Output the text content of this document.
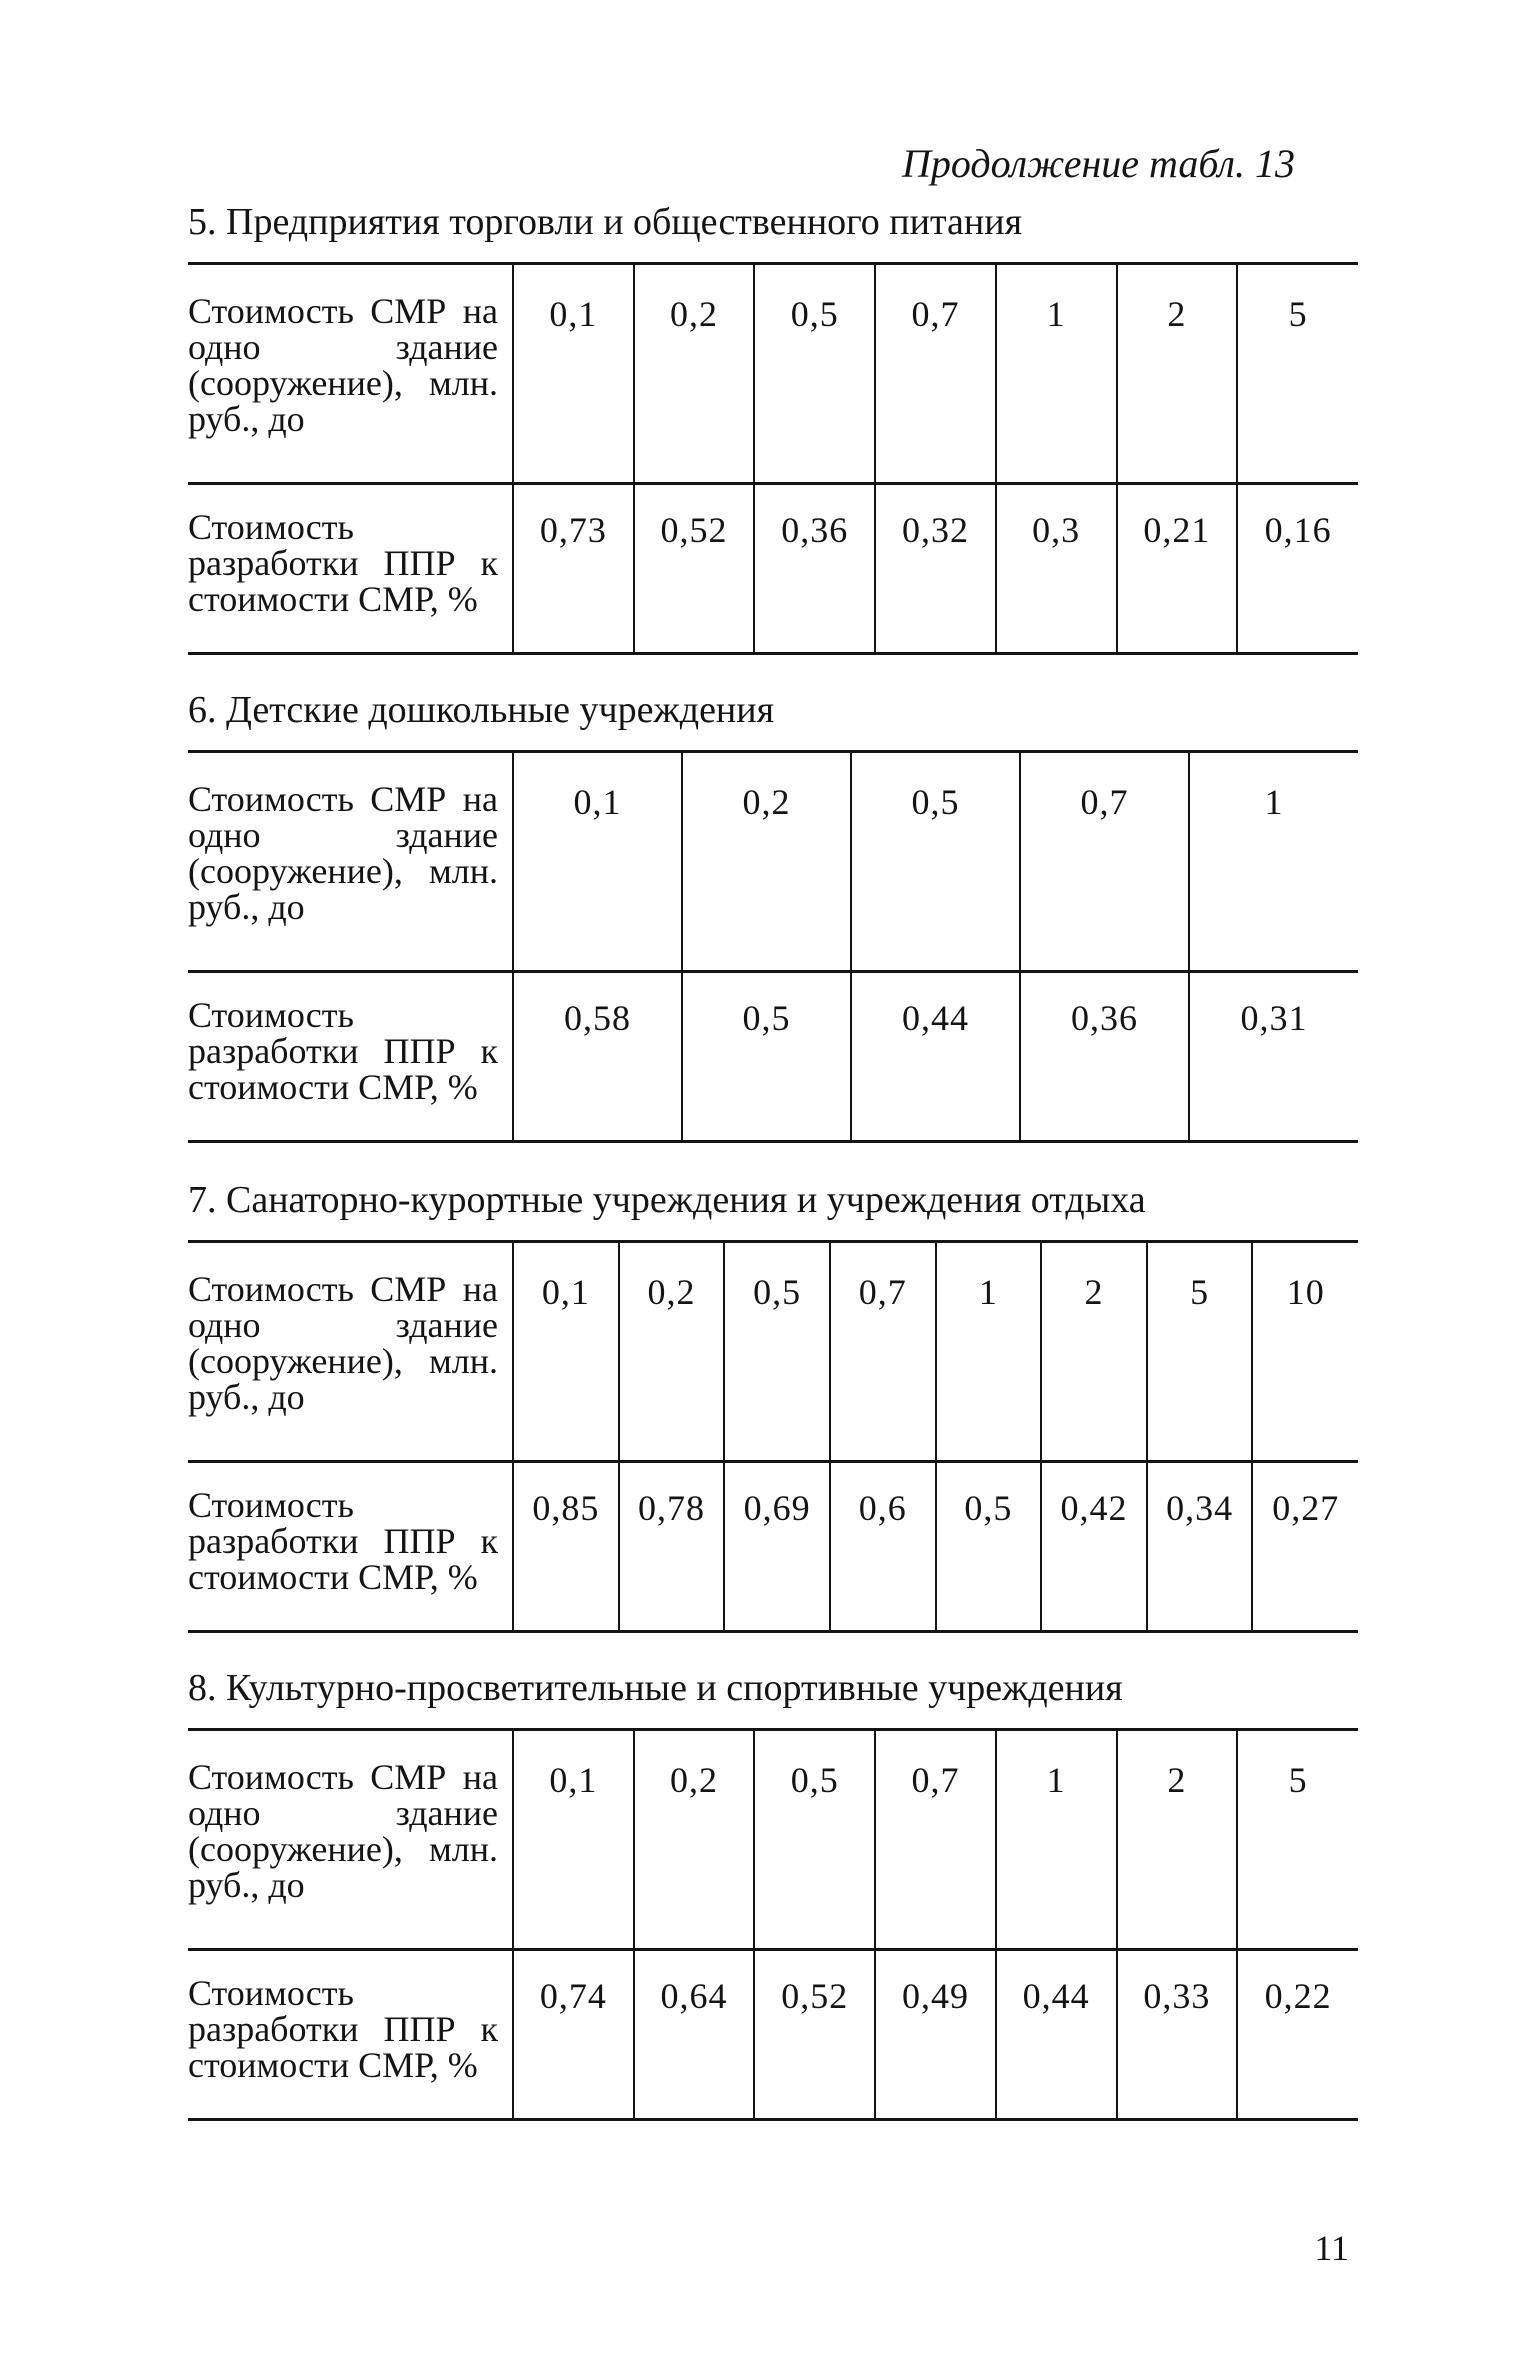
Продолжение табл. 13
5. Предприятия торговли и общественного питания
Стоимость СМР на одно здание (сооружение), млн. руб., до	0,1	0,2	0,5	0,7	1	2	5
Стоимость разработки ППР к стоимости СМР, %	0,73	0,52	0,36	0,32	0,3	0,21	0,16
6. Детские дошкольные учреждения
Стоимость СМР на одно здание (сооружение), млн. руб., до	0,1	0,2	0,5	0,7	1
Стоимость разработки ППР к стоимости СМР, %	0,58	0,5	0,44	0,36	0,31
7. Санаторно-курортные учреждения и учреждения отдыха
Стоимость СМР на одно здание (сооружение), млн. руб., до	0,1	0,2	0,5	0,7	1	2	5	10
Стоимость разработки ППР к стоимости СМР, %	0,85	0,78	0,69	0,6	0,5	0,42	0,34	0,27
8. Культурно-просветительные и спортивные учреждения
Стоимость СМР на одно здание (сооружение), млн. руб., до	0,1	0,2	0,5	0,7	1	2	5
Стоимость разработки ППР к стоимости СМР, %	0,74	0,64	0,52	0,49	0,44	0,33	0,22
11
